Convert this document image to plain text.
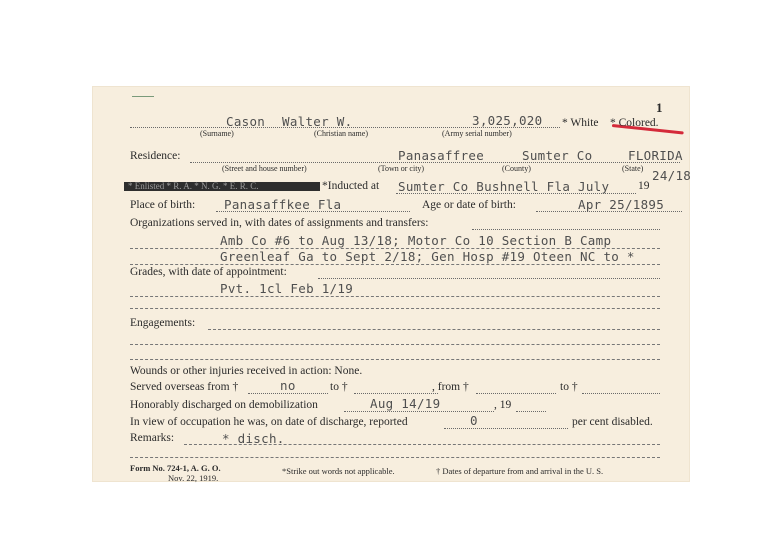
1
Cason Walter W.	3,025,020 * White * Colored.
(Surname)	(Christian name)	(Army serial number)
Residence:	Panasaffree	Sumter Co	FLORIDA
(Street and house number)	(Town or city)	(County)	(State) 24/18
* Enlisted * R. A. * N. G. * E. R. C.	*Inducted at Sumter Co Bushnell Fla July 19
Place of birth: Panasaffkee Fla	Age or date of birth:	Apr 25/1895
Organizations served in, with dates of assignments and transfers:
Amb Co #6 to Aug 13/18; Motor Co 10 Section B Camp
Greenleaf Ga to Sept 2/18; Gen Hosp #19 Oteen NC to *
Grades, with date of appointment:
Pvt. 1cl Feb 1/19
Engagements:
Wounds or other injuries received in action: None.
Served overseas from †	no	to †	, from †	to †
Honorably discharged on demobilization	Aug 14/19	, 19
In view of occupation he was, on date of discharge, reported	0	per cent disabled.
Remarks:	* disch.
Form No. 724-1, A. G. O.
Nov. 22, 1919.
*Strike out words not applicable.	† Dates of departure from and arrival in the U. S.
